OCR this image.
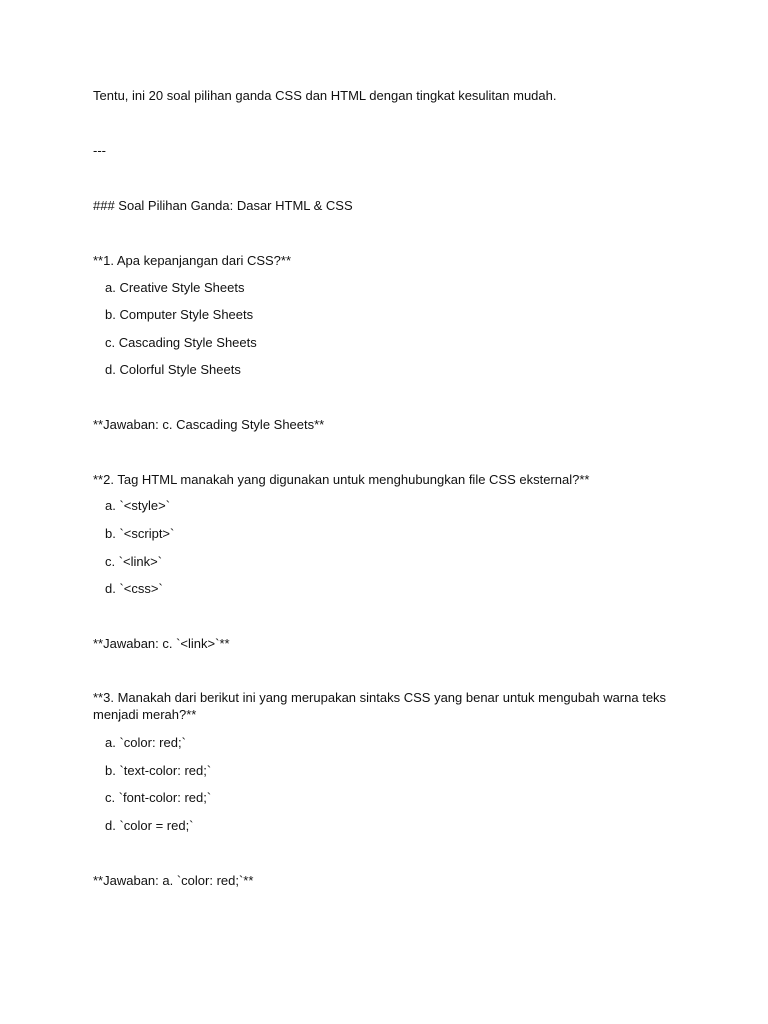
Tentu, ini 20 soal pilihan ganda CSS dan HTML dengan tingkat kesulitan mudah.
---
### Soal Pilihan Ganda: Dasar HTML & CSS
**1. Apa kepanjangan dari CSS?**
a. Creative Style Sheets
b. Computer Style Sheets
c. Cascading Style Sheets
d. Colorful Style Sheets
**Jawaban: c. Cascading Style Sheets**
**2. Tag HTML manakah yang digunakan untuk menghubungkan file CSS eksternal?**
a. `<style>`
b. `<script>`
c. `<link>`
d. `<css>`
**Jawaban: c. `<link>`**
**3. Manakah dari berikut ini yang merupakan sintaks CSS yang benar untuk mengubah warna teks menjadi merah?**
a. `color: red;`
b. `text-color: red;`
c. `font-color: red;`
d. `color = red;`
**Jawaban: a. `color: red;`**
